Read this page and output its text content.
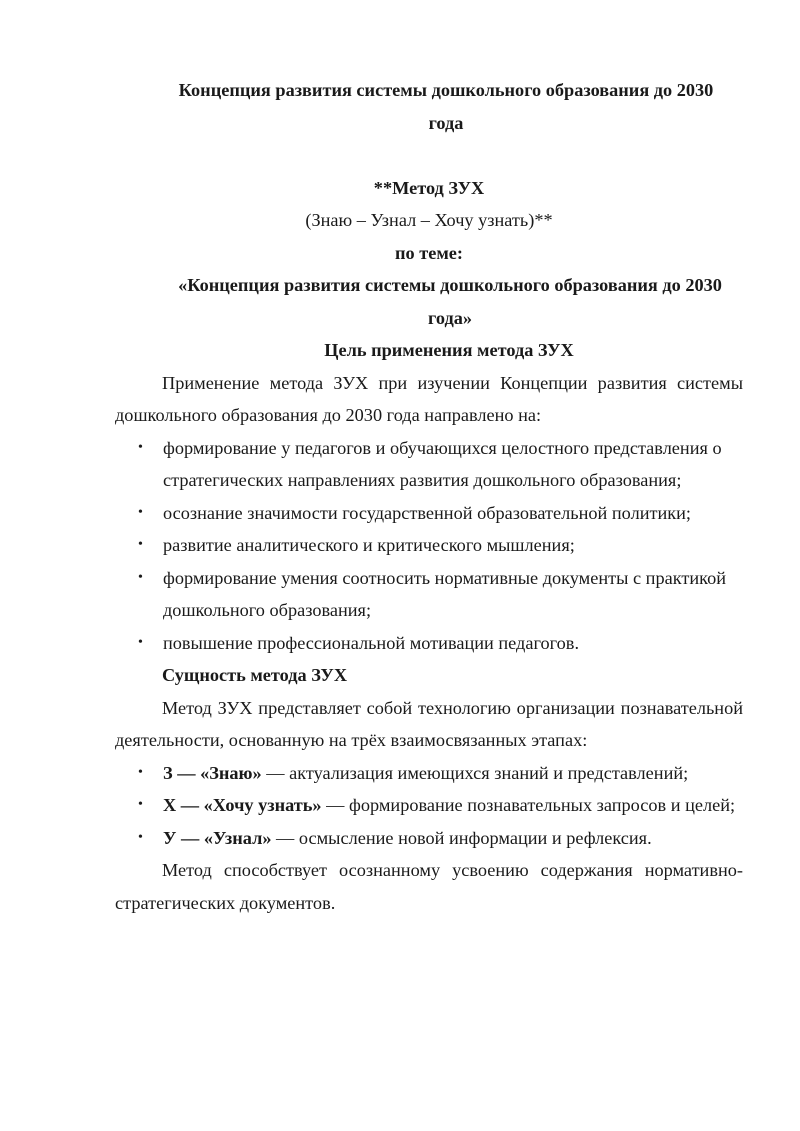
Концепция развития системы дошкольного образования до 2030 года

**Метод ЗУХ

(Знаю – Узнал – Хочу узнать)**

по теме:

«Концепция развития системы дошкольного образования до 2030 года»

Цель применения метода ЗУХ

Применение метода ЗУХ при изучении Концепции развития системы дошкольного образования до 2030 года направлено на:

• формирование у педагогов и обучающихся целостного представления о стратегических направлениях развития дошкольного образования;
• осознание значимости государственной образовательной политики;
• развитие аналитического и критического мышления;
• формирование умения соотносить нормативные документы с практикой дошкольного образования;
• повышение профессиональной мотивации педагогов.

Сущность метода ЗУХ

Метод ЗУХ представляет собой технологию организации познавательной деятельности, основанную на трёх взаимосвязанных этапах:

• З — «Знаю» — актуализация имеющихся знаний и представлений;
• Х — «Хочу узнать» — формирование познавательных запросов и целей;
• У — «Узнал» — осмысление новой информации и рефлексия.

Метод способствует осознанному усвоению содержания нормативно-стратегических документов.
